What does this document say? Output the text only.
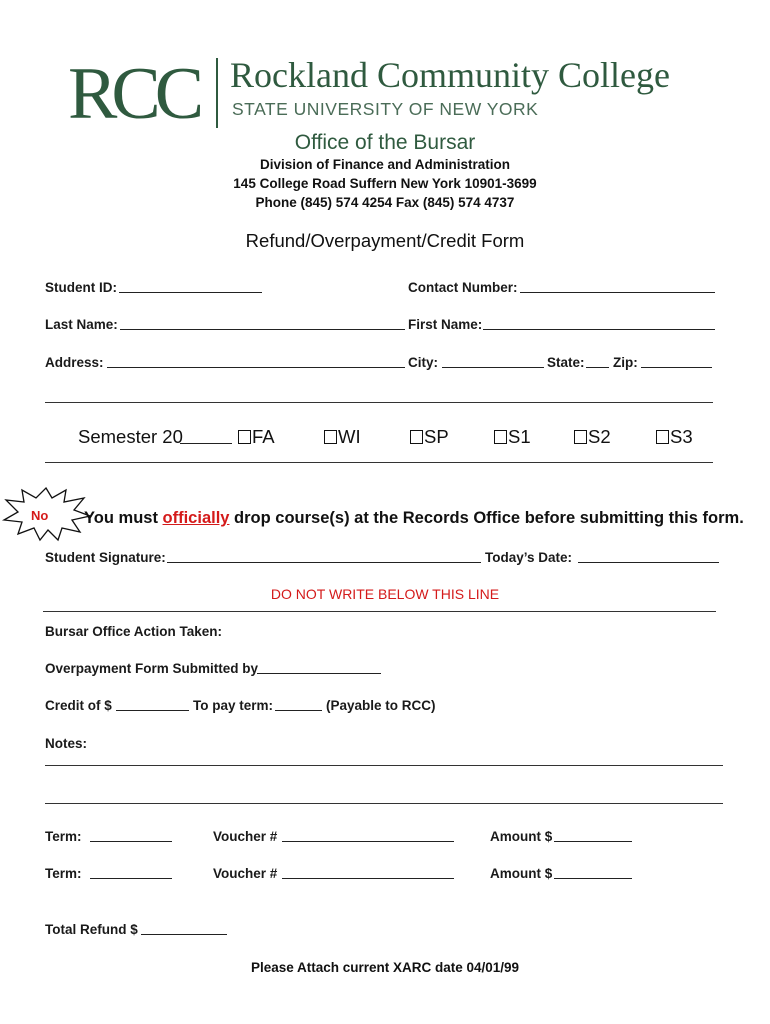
RCC Rockland Community College
STATE UNIVERSITY OF NEW YORK
Office of the Bursar
Division of Finance and Administration
145 College Road Suffern New York 10901-3699
Phone (845) 574 4254 Fax (845) 574 4737
Refund/Overpayment/Credit Form
Student ID:	Contact Number:
Last Name:	First Name:
Address:	City:	State: Zip:
Semester 20	FA	WI	SP	S1	S2	S3
No You must officially drop course(s) at the Records Office before submitting this form.
Student Signature:	Today’s Date:
DO NOT WRITE BELOW THIS LINE
Bursar Office Action Taken:
Overpayment Form Submitted by
Credit of $	To pay term:	(Payable to RCC)
Notes:
Term:	Voucher #	Amount $
Term:	Voucher #	Amount $
Total Refund $
Please Attach current XARC date 04/01/99
